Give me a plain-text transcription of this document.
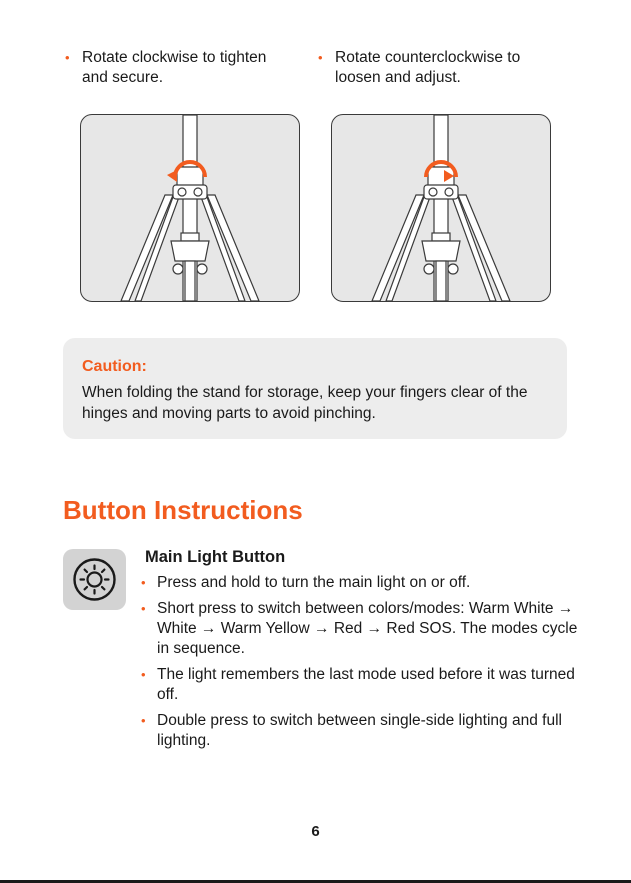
• Rotate clockwise to tighten and secure.
• Rotate counterclockwise to loosen and adjust.
Caution:
When folding the stand for storage, keep your fingers clear of the hinges and moving parts to avoid pinching.
Button Instructions
Main Light Button
• Press and hold to turn the main light on or off.
• Short press to switch between colors/modes: Warm White → White → Warm Yellow → Red → Red SOS. The modes cycle in sequence.
• The light remembers the last mode used before it was turned off.
• Double press to switch between single-side lighting and full lighting.
6
